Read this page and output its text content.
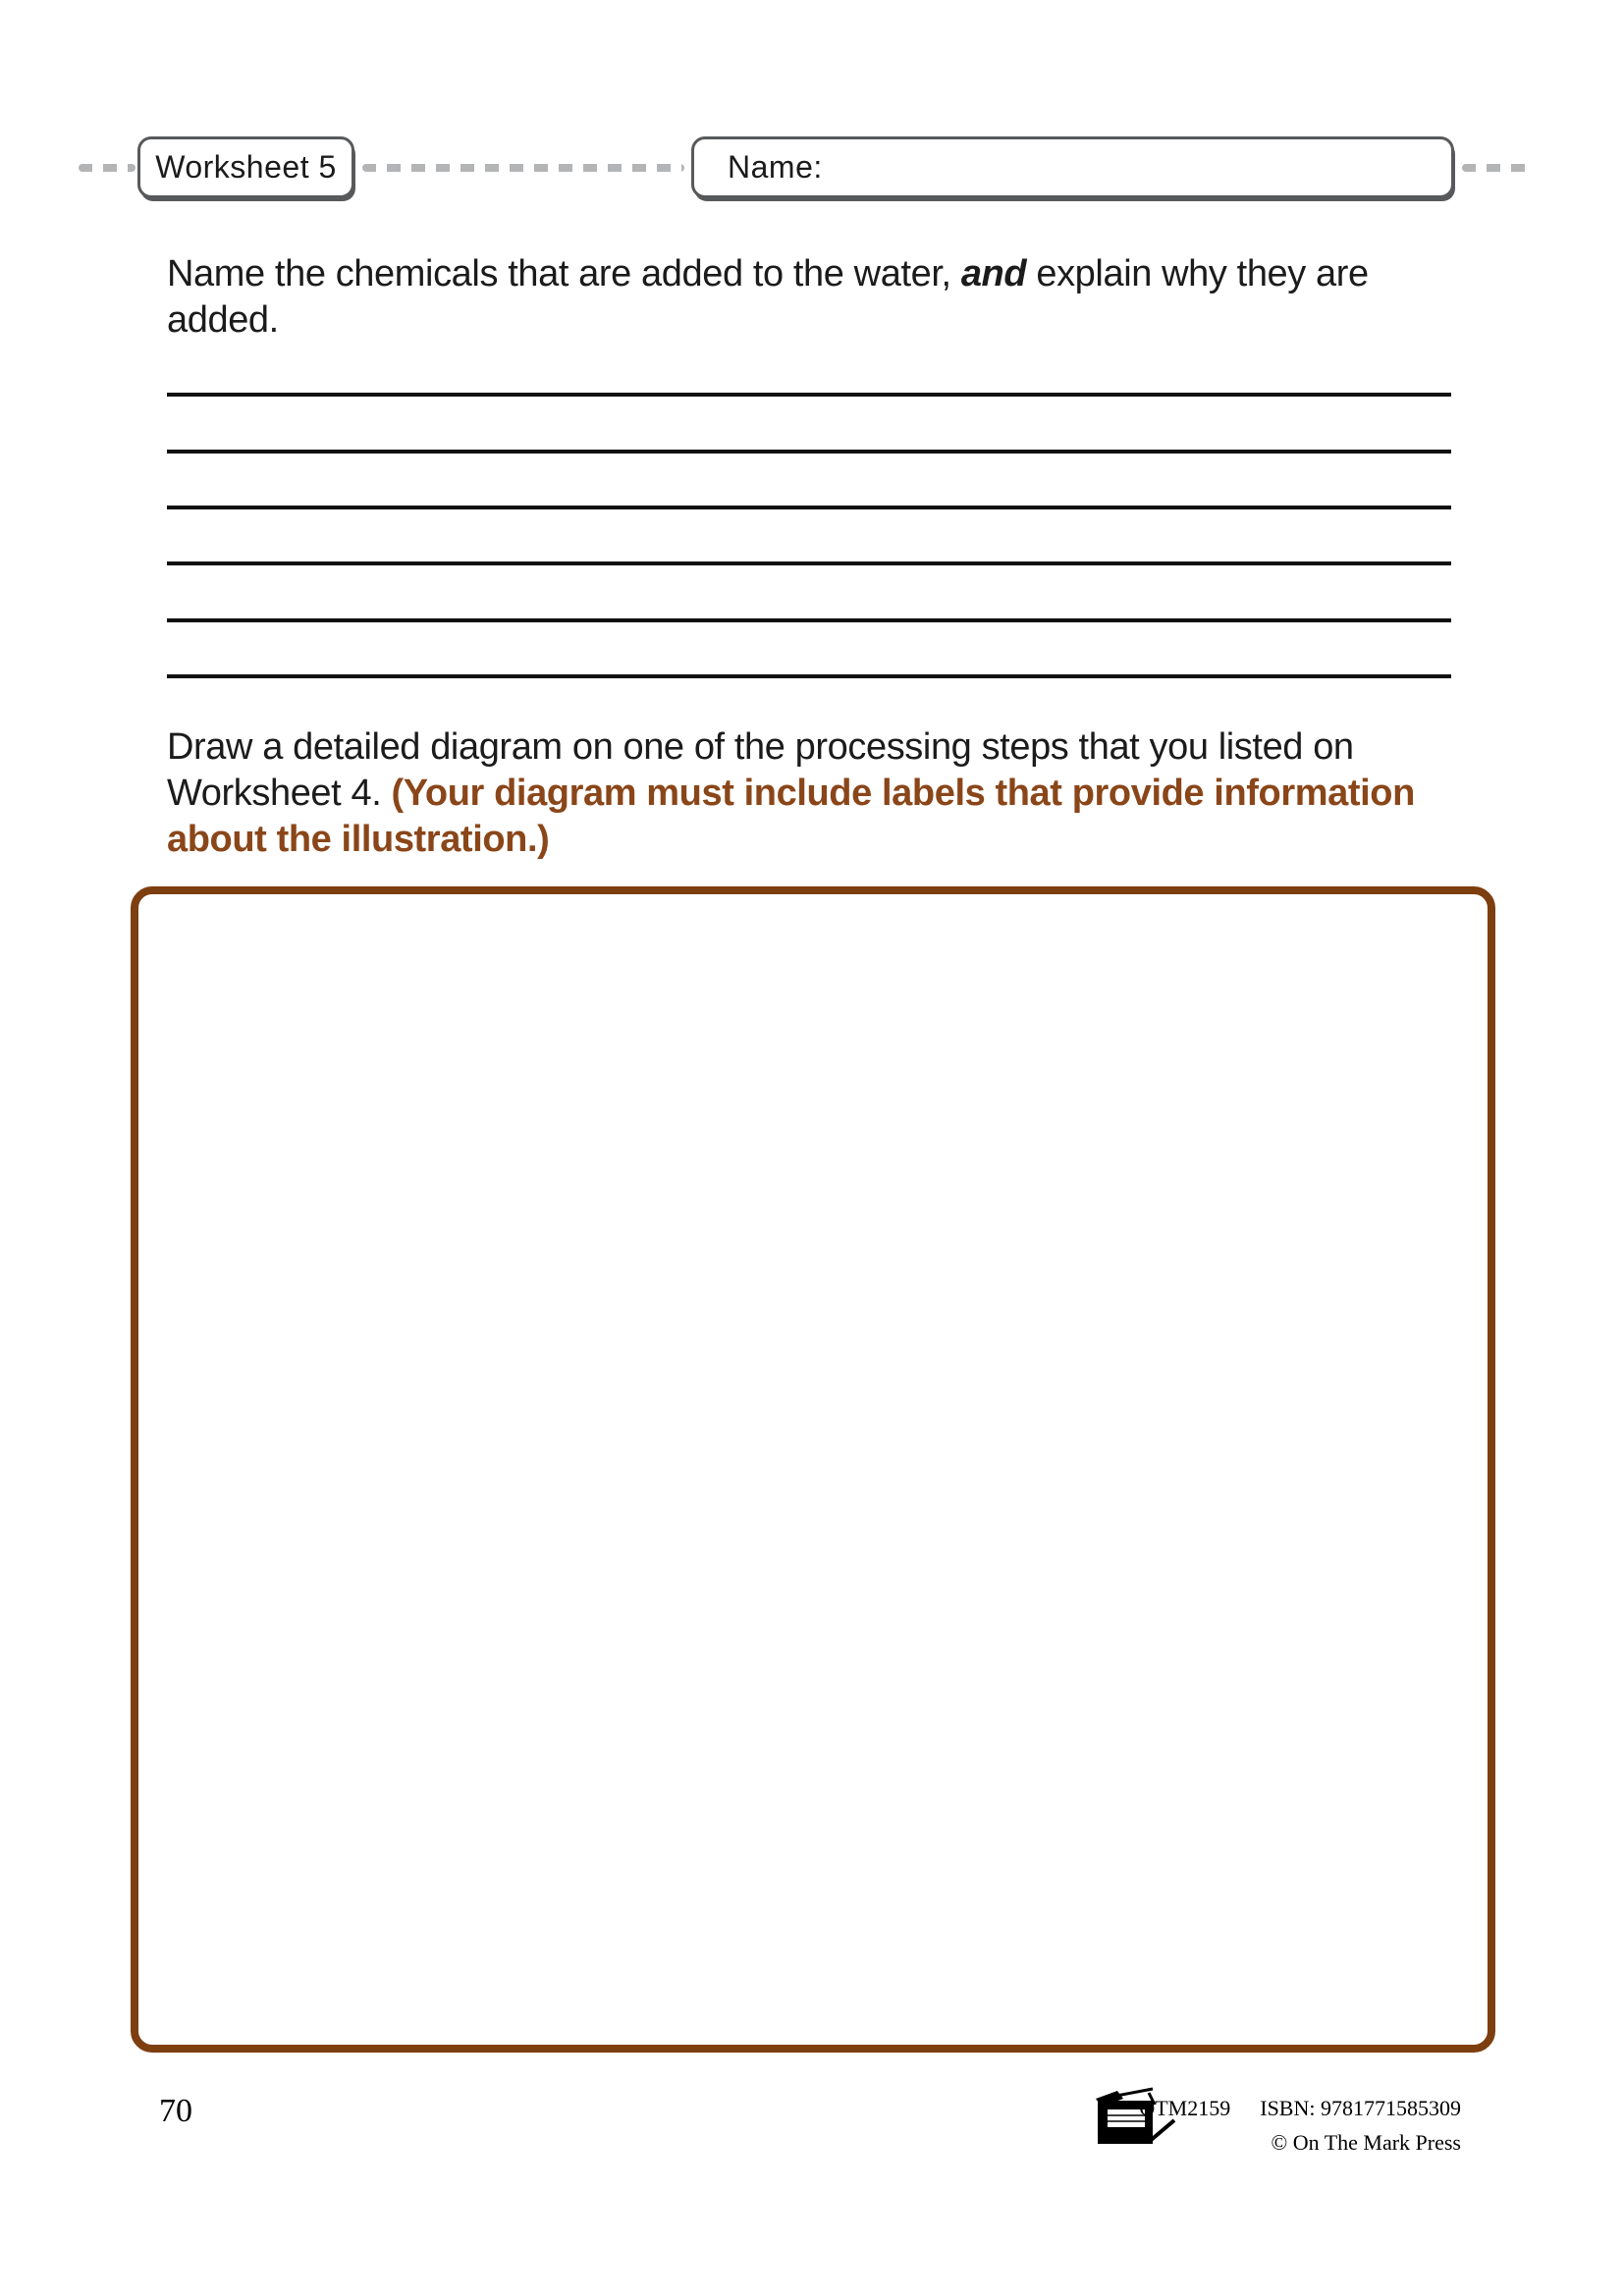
Worksheet 5	Name:
Name the chemicals that are added to the water, and explain why they are added.
Draw a detailed diagram on one of the processing steps that you listed on Worksheet 4. (Your diagram must include labels that provide information about the illustration.)
70	OTM2159 ISBN: 9781771585309
© On The Mark Press
